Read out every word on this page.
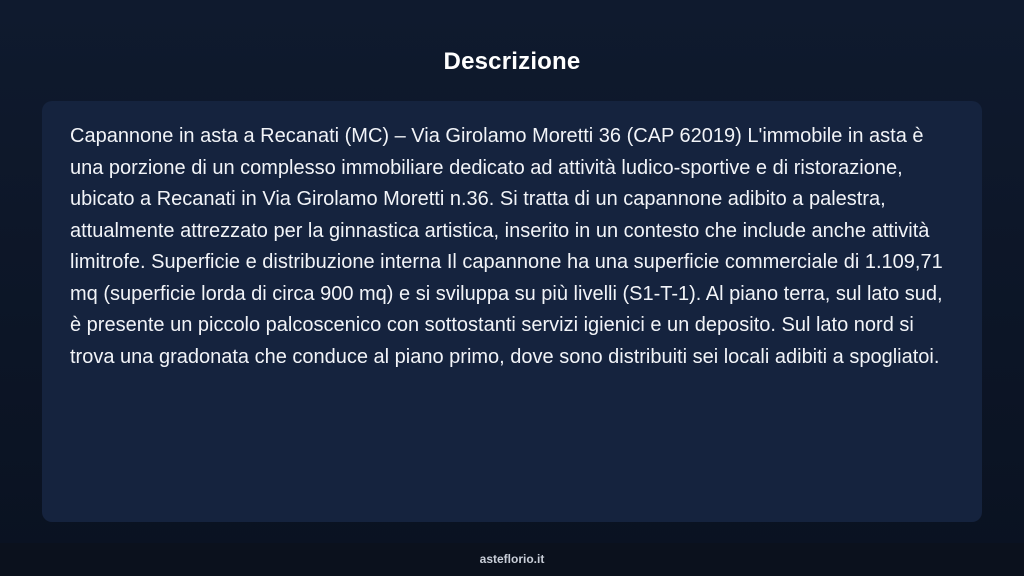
Descrizione

Capannone in asta a Recanati (MC) – Via Girolamo Moretti 36 (CAP 62019) L'immobile in asta è una porzione di un complesso immobiliare dedicato ad attività ludico-sportive e di ristorazione, ubicato a Recanati in Via Girolamo Moretti n.36. Si tratta di un capannone adibito a palestra, attualmente attrezzato per la ginnastica artistica, inserito in un contesto che include anche attività limitrofe. Superficie e distribuzione interna Il capannone ha una superficie commerciale di 1.109,71 mq (superficie lorda di circa 900 mq) e si sviluppa su più livelli (S1-T-1). Al piano terra, sul lato sud, è presente un piccolo palcoscenico con sottostanti servizi igienici e un deposito. Sul lato nord si trova una gradonata che conduce al piano primo, dove sono distribuiti sei locali adibiti a spogliatoi.

asteflorio.it
